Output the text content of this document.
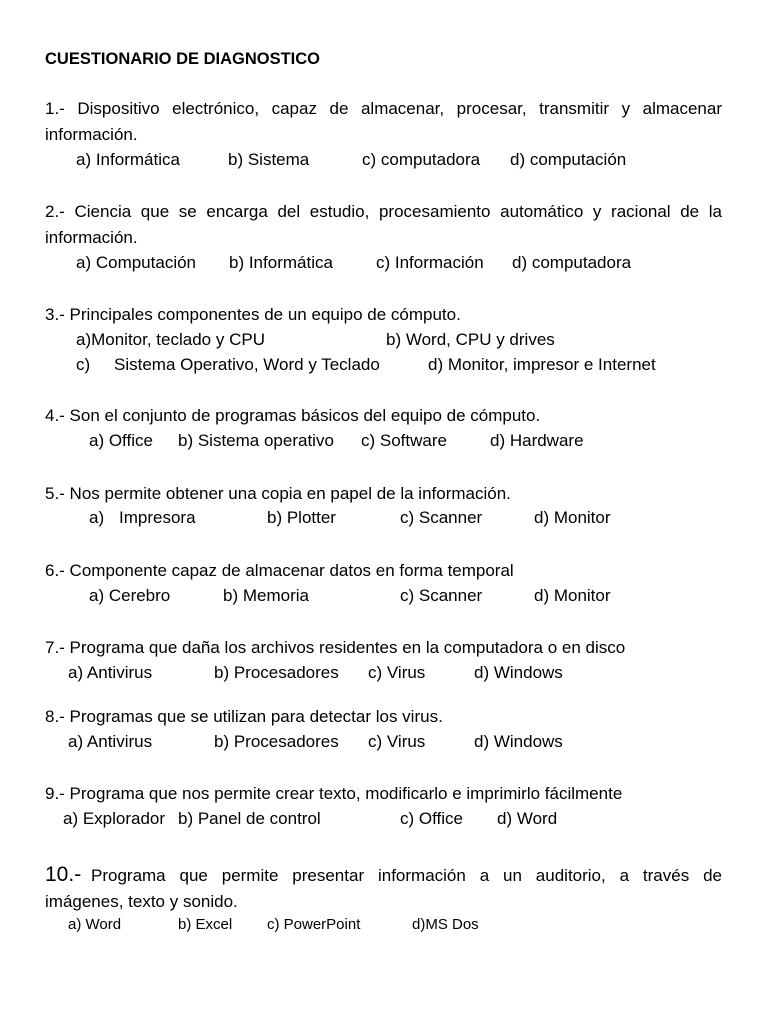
CUESTIONARIO DE DIAGNOSTICO
1.- Dispositivo electrónico, capaz de almacenar, procesar, transmitir y almacenar
información.
a) Informática	b) Sistema	c) computadora d) computación
2.- Ciencia que se encarga del estudio, procesamiento automático y racional de la
información.
a) Computación b) Informática	c) Información d) computadora
3.- Principales componentes de un equipo de cómputo.
a)Monitor, teclado y CPU	b) Word, CPU y drives
c) Sistema Operativo, Word y Teclado	d) Monitor, impresor e Internet
4.- Son el conjunto de programas básicos del equipo de cómputo.
a) Office b) Sistema operativo c) Software	d) Hardware
5.- Nos permite obtener una copia en papel de la información.
a) Impresora	b) Plotter	c) Scanner	d) Monitor
6.- Componente capaz de almacenar datos en forma temporal
a) Cerebro	b) Memoria	c) Scanner	d) Monitor
7.- Programa que daña los archivos residentes en la computadora o en disco
a) Antivirus	b) Procesadores c) Virus	d) Windows
8.- Programas que se utilizan para detectar los virus.
a) Antivirus	b) Procesadores c) Virus	d) Windows
9.- Programa que nos permite crear texto, modificarlo e imprimirlo fácilmente
a) Explorador b) Panel de control	c) Office d) Word
10.- Programa que permite presentar información a un auditorio, a través de
imágenes, texto y sonido.
a) Word	b) Excel c) PowerPoint	d)MS Dos
